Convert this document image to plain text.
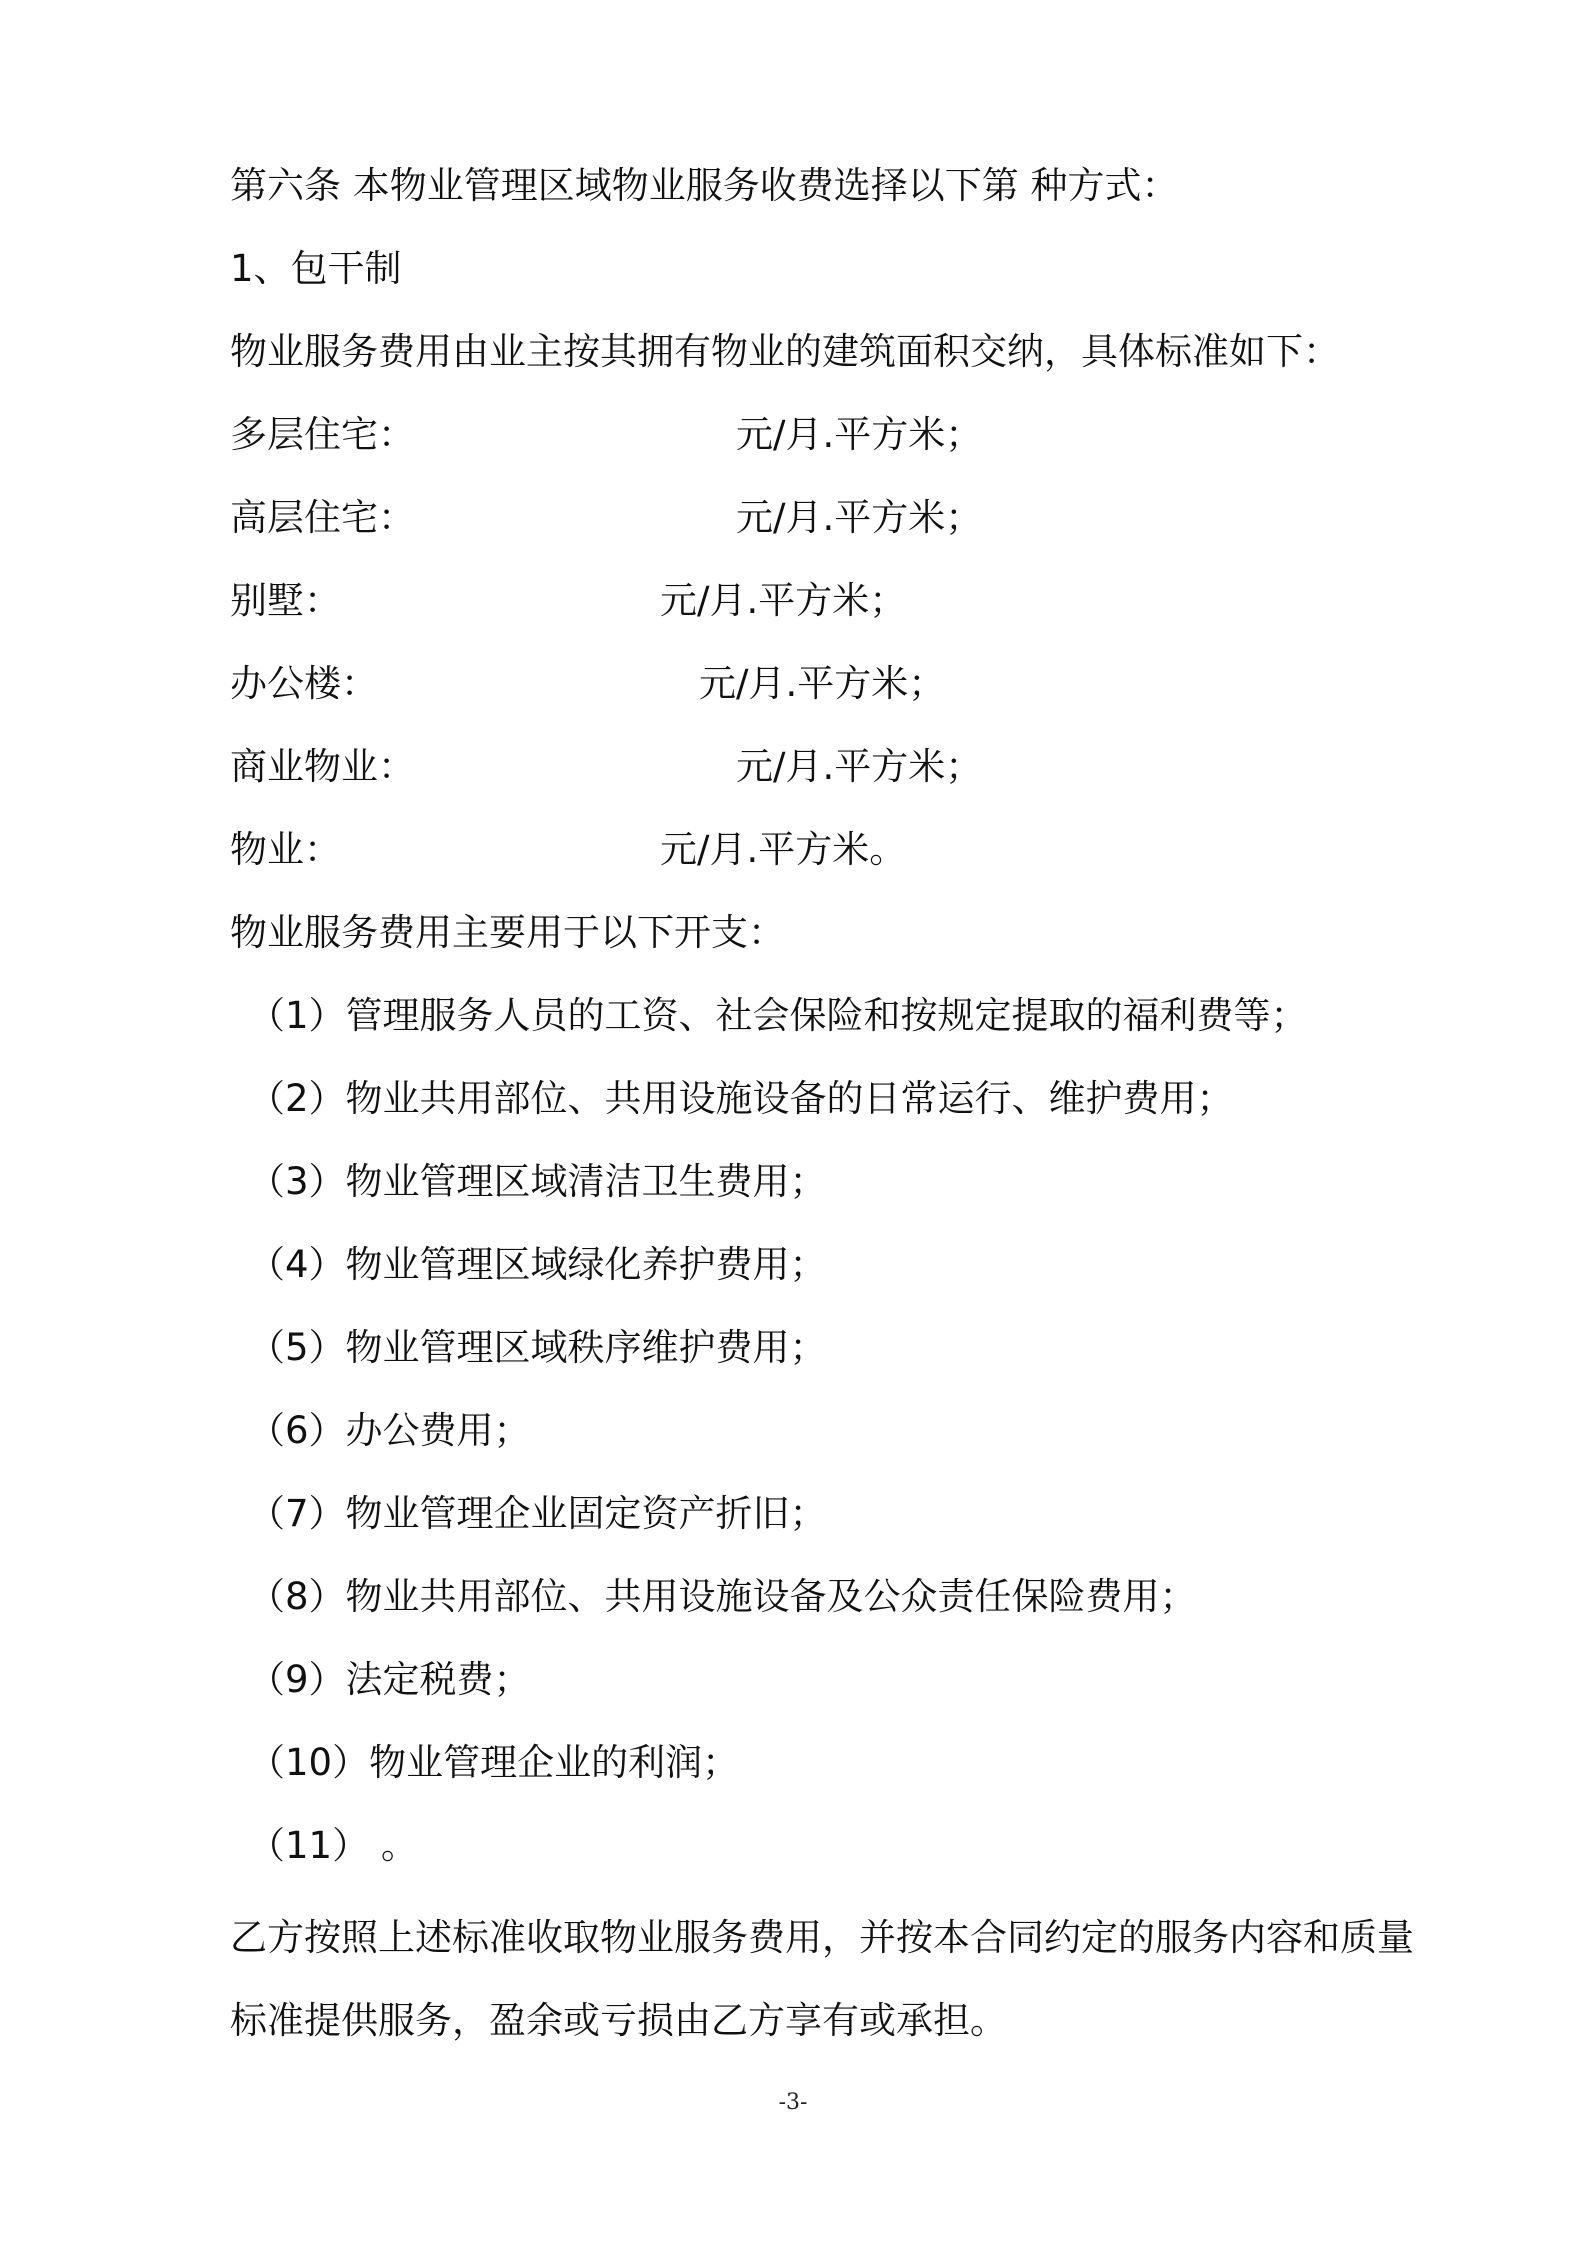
第六条 本物业管理区域物业服务收费选择以下第 种方式：

1、包干制

物业服务费用由业主按其拥有物业的建筑面积交纳，具体标准如下：

多层住宅：	元/月.平方米；
高层住宅：	元/月.平方米；
别墅：	元/月.平方米；
办公楼：	元/月.平方米；
商业物业：	元/月.平方米；
物业：	元/月.平方米。

物业服务费用主要用于以下开支：

（1）管理服务人员的工资、社会保险和按规定提取的福利费等；

（2）物业共用部位、共用设施设备的日常运行、维护费用；

（3）物业管理区域清洁卫生费用；

（4）物业管理区域绿化养护费用；

（5）物业管理区域秩序维护费用；

（6）办公费用；

（7）物业管理企业固定资产折旧；

（8）物业共用部位、共用设施设备及公众责任保险费用；

（9）法定税费；

（10）物业管理企业的利润；

（11） 。

乙方按照上述标准收取物业服务费用，并按本合同约定的服务内容和质量

标准提供服务，盈余或亏损由乙方享有或承担。

-3-
